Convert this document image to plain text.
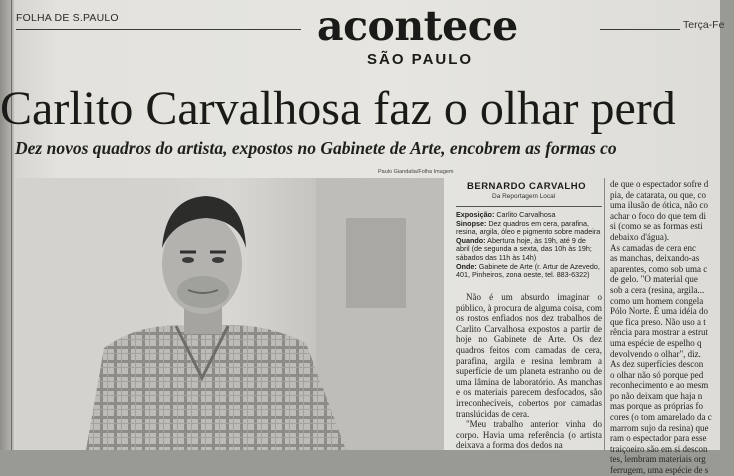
FOLHA DE S.PAULO
Terça-Fe
acontece
SÃO PAULO
Carlito Carvalhosa faz o olhar perd
Dez novos quadros do artista, expostos no Gabinete de Arte, encobrem as formas co
Paulo Giandalia/Folha Imagem
BERNARDO CARVALHO
Da Reportagem Local

Exposição: Carlito Carvalhosa

Sinopse: Dez quadros em cera, parafina, resina, argila, óleo e pigmento sobre madeira

Quando: Abertura hoje, às 19h, até 9 de abril (de segunda a sexta, das 10h às 19h; sábados das 11h às 14h)

Onde: Gabinete de Arte (r. Artur de Azevedo, 401, Pinheiros, zona oeste, tel. 883-6322)

Não é um absurdo imaginar o público, à procura de alguma coisa, com os rostos enfiados nos dez trabalhos de Carlito Carvalhosa expostos a partir de hoje no Gabinete de Arte. Os dez quadros feitos com camadas de cera, parafina, argila e resina lembram a superfície de um planeta estranho ou de uma lâmina de laboratório. As manchas e os materiais parecem desfocados, são irreconhecíveis, cobertos por camadas translúcidas de cera.

"Meu trabalho anterior vinha do corpo. Havia uma referência (o artista deixava a forma dos dedos na

de que o espectador sofre d

pia, de catarata, ou que, co

uma ilusão de ótica, não co

achar o foco do que tem di

si (como se as formas esti

debaixo d'água).

As camadas de cera enc

as manchas, deixando-as

aparentes, como sob uma c

de gelo. "O material que

sob a cera (resina, argila...

como um homem congela

Pólo Norte. É uma idéia do

que fica preso. Não uso a t

rência para mostrar a estrut

uma espécie de espelho q

devolvendo o olhar", diz.

As dez superfícies descon

o olhar não só porque ped

reconhecimento e ao mesm

po não deixam que haja n

mas porque as próprias fo

cores (o tom amarelado da c

marrom sujo da resina) que

ram o espectador para esse

traiçoeiro são em si descon

tes, lembram materiais org

ferrugem, uma espécie de s
